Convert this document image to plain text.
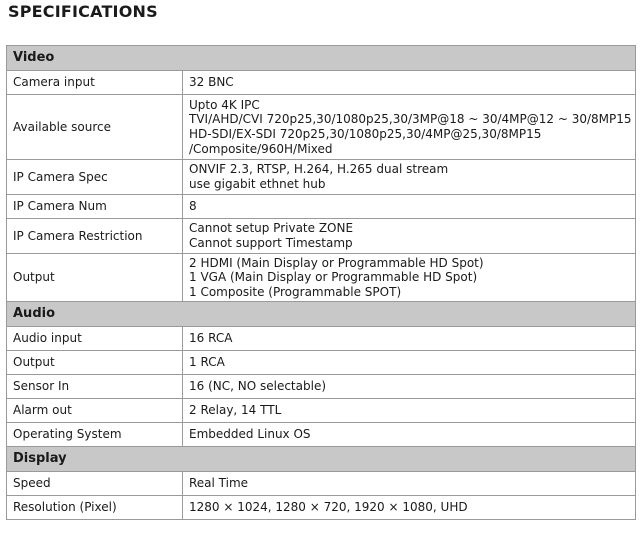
SPECIFICATIONS
Video	
Camera input	32 BNC

Available source	Upto 4K IPC
TVI/AHD/CVI 720p25,30/1080p25,30/3MP@18 ~ 30/4MP@12 ~ 30/8MP15
HD-SDI/EX-SDI 720p25,30/1080p25,30/4MP@25,30/8MP15
/Composite/960H/Mixed

IP Camera Spec	ONVIF 2.3, RTSP, H.264, H.265 dual stream
use gigabit ethnet hub

IP Camera Num	8

IP Camera Restriction	Cannot setup Private ZONE
Cannot support Timestamp

Output	2 HDMI (Main Display or Programmable HD Spot)
1 VGA (Main Display or Programmable HD Spot)
1 Composite (Programmable SPOT)

Audio	
Audio input	16 RCA

Output	1 RCA

Sensor In	16 (NC, NO selectable)

Alarm out	2 Relay, 14 TTL

Operating System	Embedded Linux OS

Display	
Speed	Real Time

Resolution (Pixel)	1280 × 1024, 1280 × 720, 1920 × 1080, UHD
